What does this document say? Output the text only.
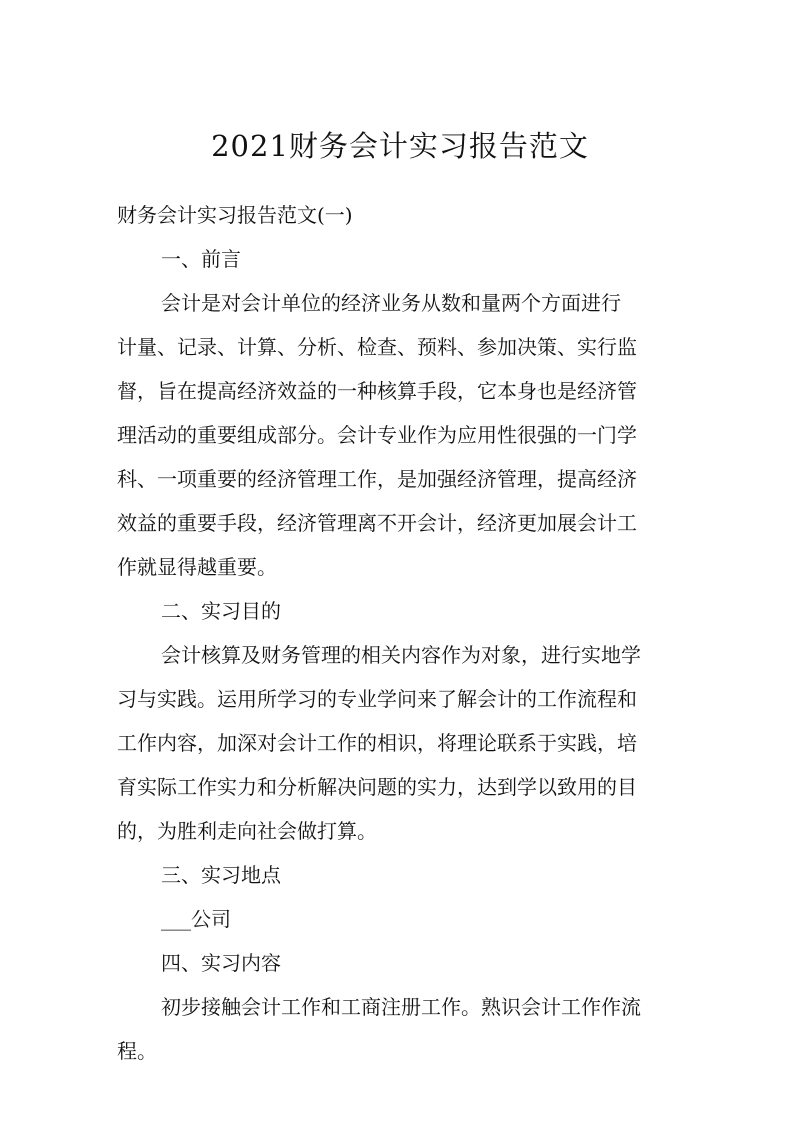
2021财务会计实习报告范文

财务会计实习报告范文(一)

一、前言

会计是对会计单位的经济业务从数和量两个方面进行

计量、记录、计算、分析、检查、预料、参加决策、实行监

督，旨在提高经济效益的一种核算手段，它本身也是经济管

理活动的重要组成部分。会计专业作为应用性很强的一门学

科、一项重要的经济管理工作，是加强经济管理，提高经济

效益的重要手段，经济管理离不开会计，经济更加展会计工

作就显得越重要。

二、实习目的

会计核算及财务管理的相关内容作为对象，进行实地学

习与实践。运用所学习的专业学问来了解会计的工作流程和

工作内容，加深对会计工作的相识，将理论联系于实践，培

育实际工作实力和分析解决问题的实力，达到学以致用的目

的，为胜利走向社会做打算。

三、实习地点

___公司

四、实习内容

初步接触会计工作和工商注册工作。熟识会计工作作流

程。
